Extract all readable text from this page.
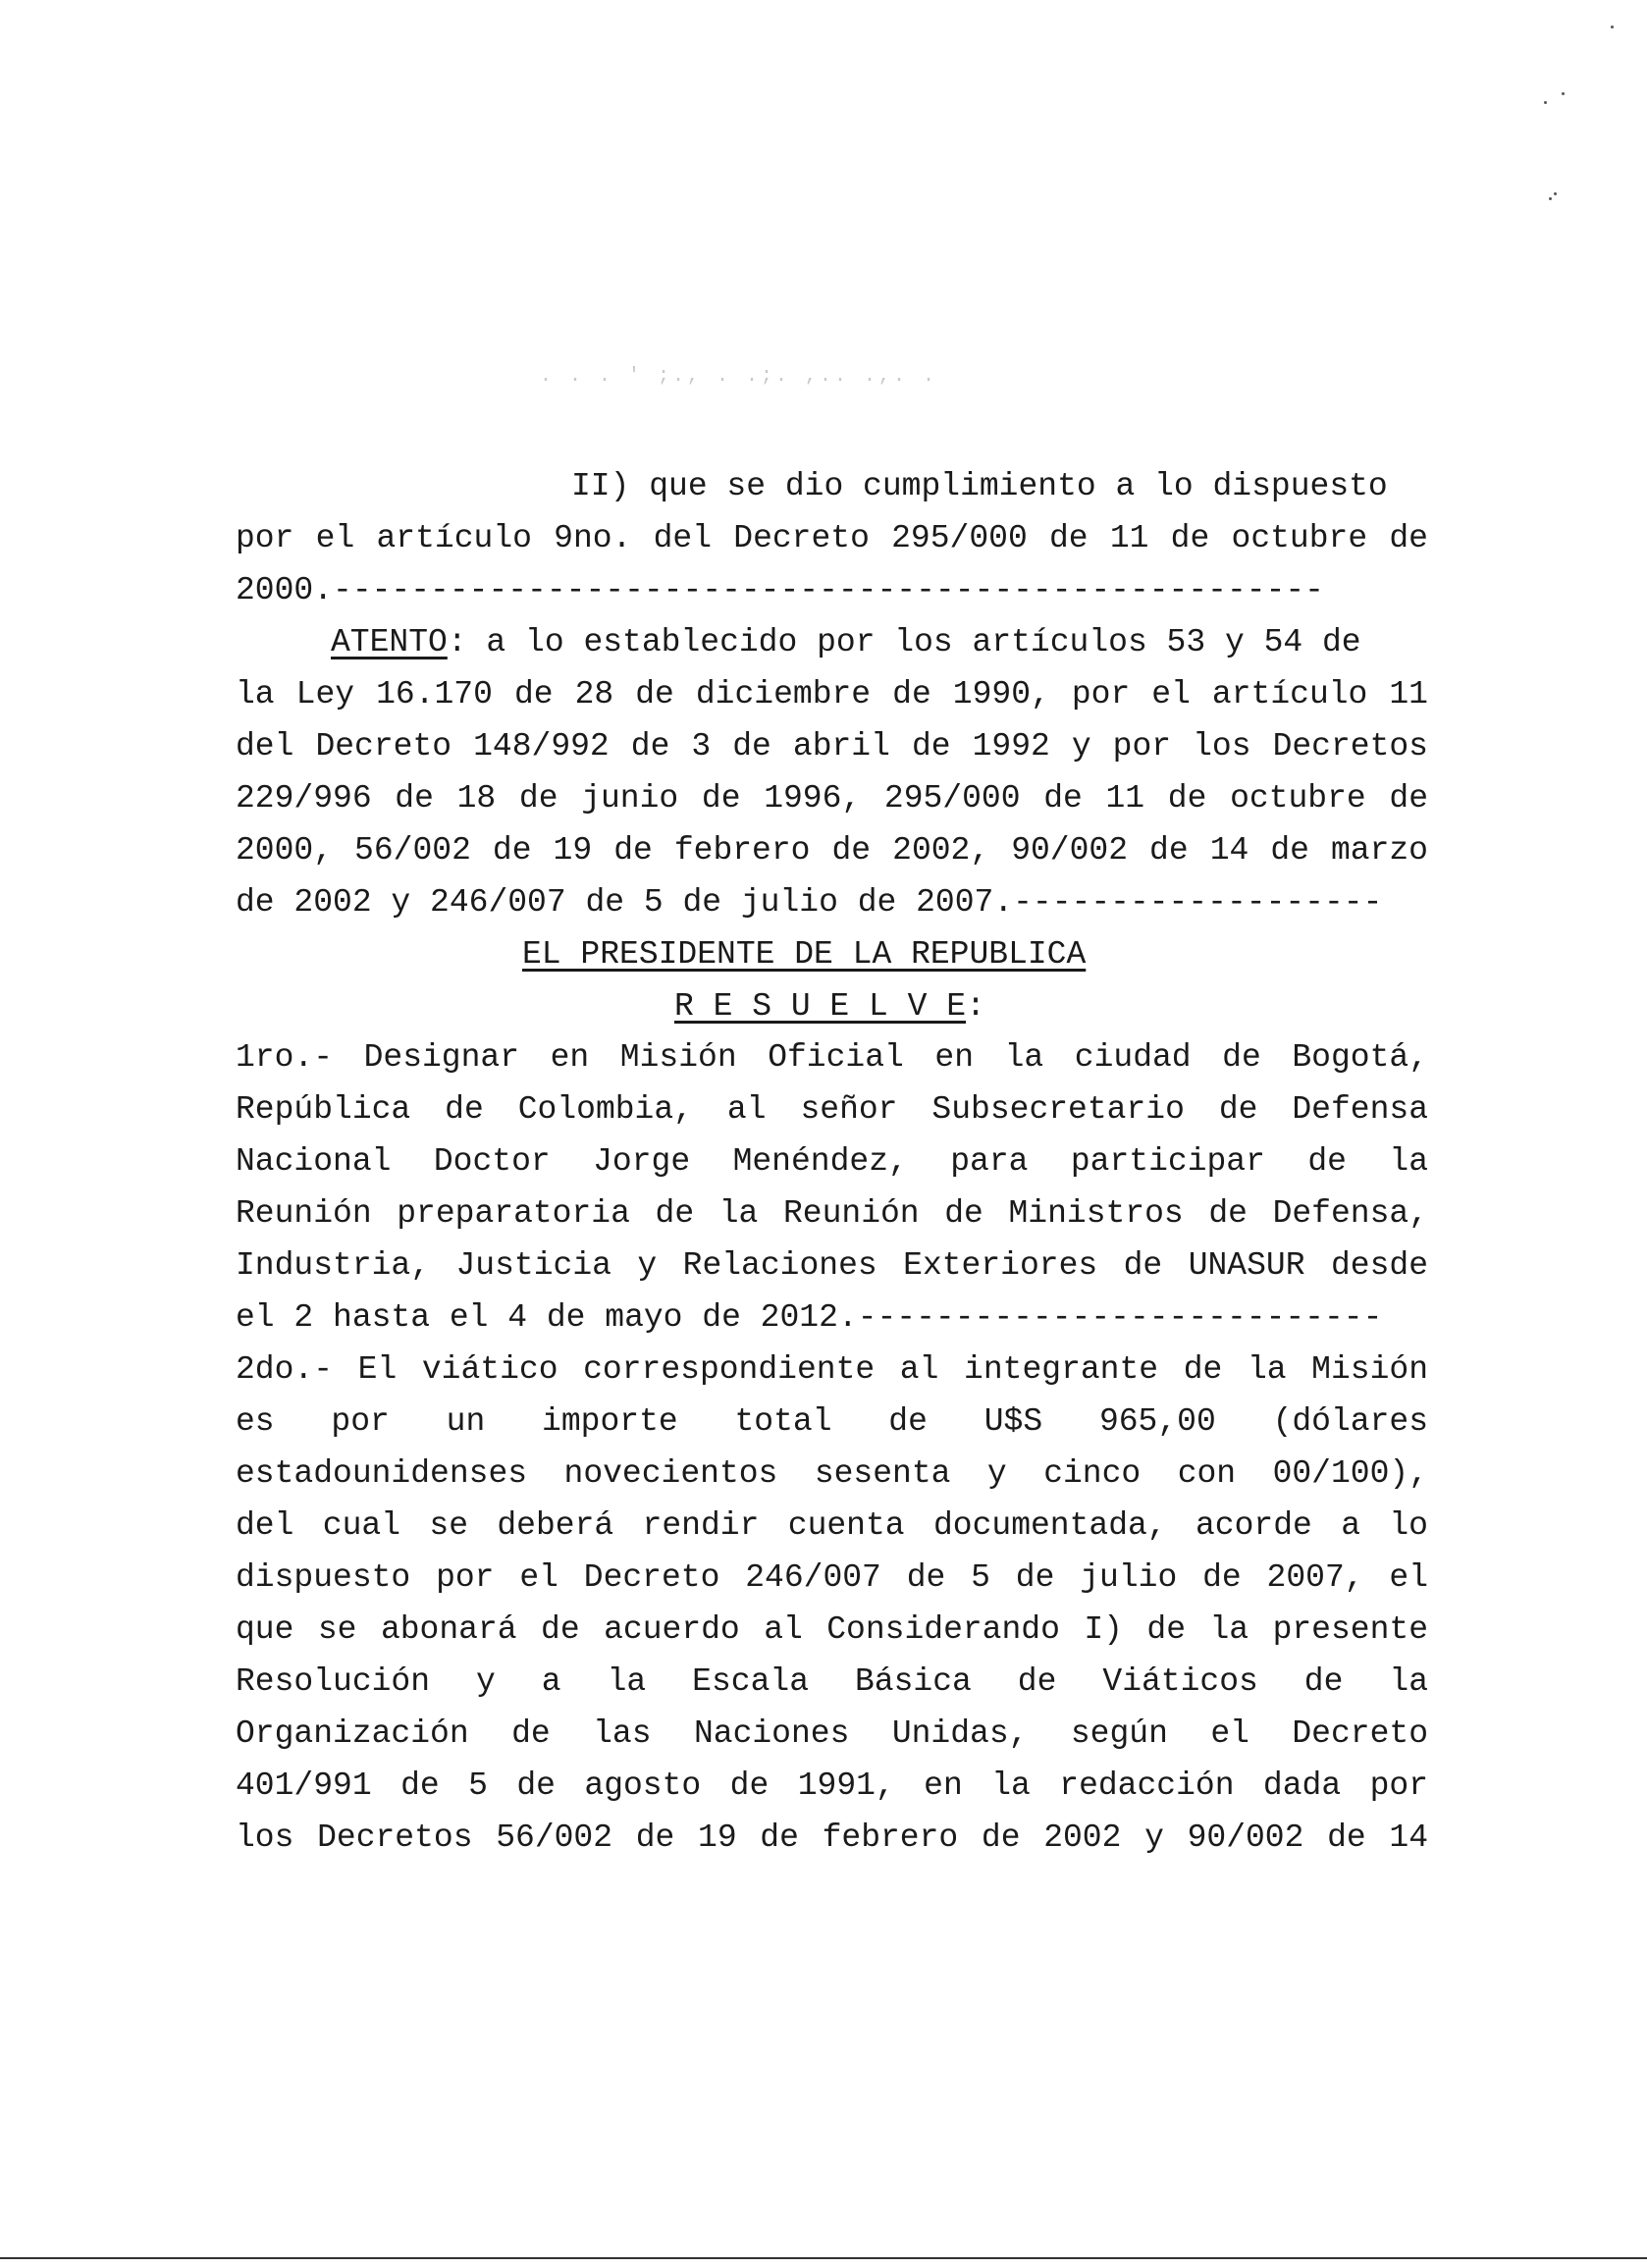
. . . ' ;., . .;. ,.. .,. .
II) que se dio cumplimiento a lo dispuesto
por el artículo 9no. del Decreto 295/000 de 11 de octubre de
2000.---------------------------------------------------
ATENTO: a lo establecido por los artículos 53 y 54 de
la Ley 16.170 de 28 de diciembre de 1990, por el artículo 11
del Decreto 148/992 de 3 de abril de 1992 y por los Decretos
229/996 de 18 de junio de 1996, 295/000 de 11 de octubre de
2000, 56/002 de 19 de febrero de 2002, 90/002 de 14 de marzo
de 2002 y 246/007 de 5 de julio de 2007.-------------------
EL PRESIDENTE DE LA REPUBLICA
R E S U E L V E:
1ro.- Designar en Misión Oficial en la ciudad de Bogotá,
República de Colombia, al señor Subsecretario de Defensa
Nacional Doctor Jorge Menéndez, para participar de la
Reunión preparatoria de la Reunión de Ministros de Defensa,
Industria, Justicia y Relaciones Exteriores de UNASUR desde
el 2 hasta el 4 de mayo de 2012.---------------------------
2do.- El viático correspondiente al integrante de la Misión
es por un importe total de U$S 965,00 (dólares
estadounidenses novecientos sesenta y cinco con 00/100),
del cual se deberá rendir cuenta documentada, acorde a lo
dispuesto por el Decreto 246/007 de 5 de julio de 2007, el
que se abonará de acuerdo al Considerando I) de la presente
Resolución y a la Escala Básica de Viáticos de la
Organización de las Naciones Unidas, según el Decreto
401/991 de 5 de agosto de 1991, en la redacción dada por
los Decretos 56/002 de 19 de febrero de 2002 y 90/002 de 14
